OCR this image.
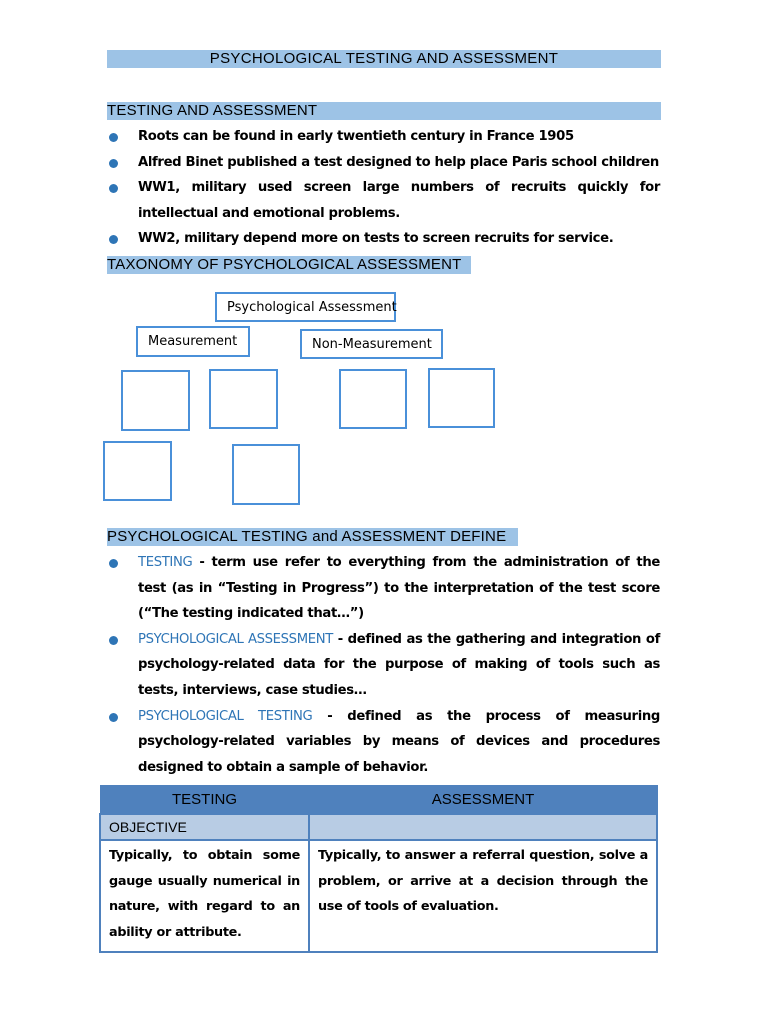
PSYCHOLOGICAL TESTING AND ASSESSMENT
TESTING AND ASSESSMENT
Roots can be found in early twentieth century in France 1905
Alfred Binet published a test designed to help place Paris school children
WW1, military used screen large numbers of recruits quickly for intellectual and emotional problems.
WW2, military depend more on tests to screen recruits for service.
TAXONOMY OF PSYCHOLOGICAL ASSESSMENT
Psychological Assessment
Measurement	Non-Measurement
PSYCHOLOGICAL TESTING and ASSESSMENT DEFINE
TESTING - term use refer to everything from the administration of the test (as in “Testing in Progress”) to the interpretation of the test score (“The testing indicated that…”)
PSYCHOLOGICAL ASSESSMENT - defined as the gathering and integration of psychology-related data for the purpose of making of tools such as tests, interviews, case studies…
PSYCHOLOGICAL TESTING - defined as the process of measuring psychology-related variables by means of devices and procedures designed to obtain a sample of behavior.
TESTING	ASSESSMENT
OBJECTIVE	
Typically, to obtain some gauge usually numerical in nature, with regard to an ability or attribute.	Typically, to answer a referral question, solve a problem, or arrive at a decision through the use of tools of evaluation.
